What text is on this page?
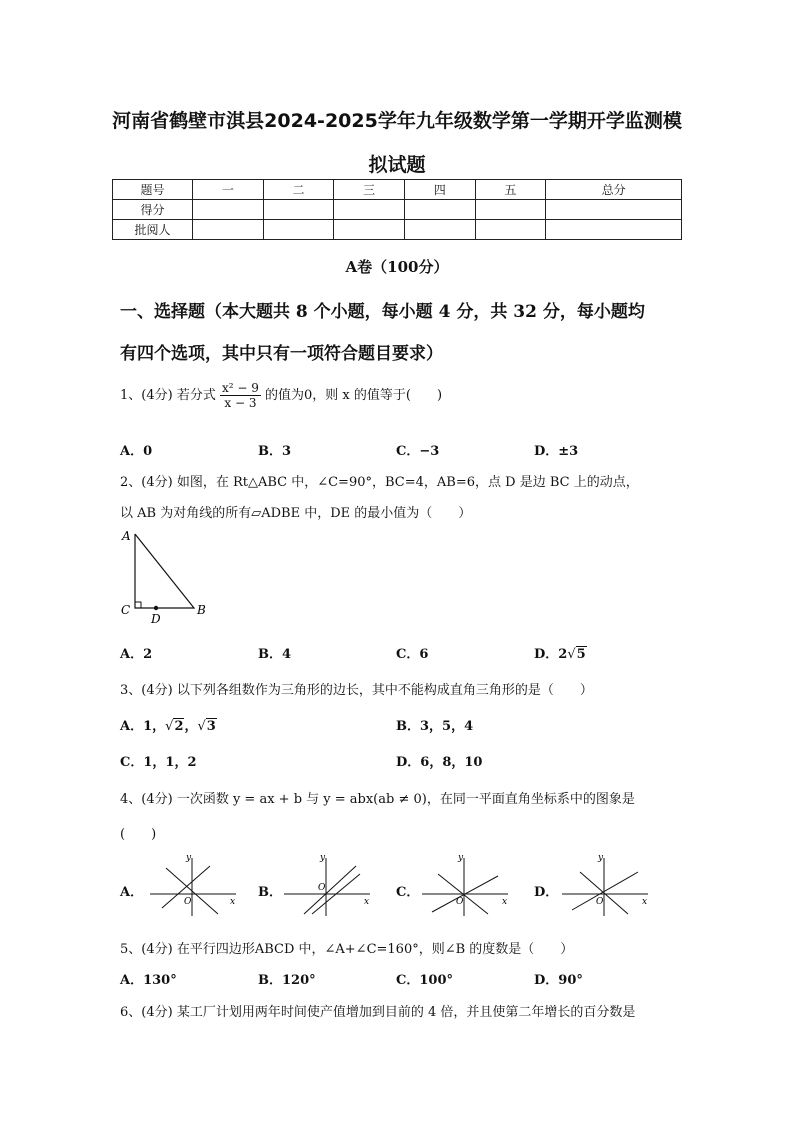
河南省鹤壁市淇县2024-2025学年九年级数学第一学期开学监测模
拟试题
题号	一	二	三	四	五	总分
得分						
批阅人						
A卷（100分）
一、选择题（本大题共 8 个小题，每小题 4 分，共 32 分，每小题均
有四个选项，其中只有一项符合题目要求）
1、(4分) 若分式 $\frac{\text{x² − 9}}{x - 3}$ 的值为0，则 x 的值等于(　　)
A．0	B．3	C．−3	D．±3
2、(4分) 如图，在 Rt△ABC 中，∠C=90°，BC=4，AB=6，点 D 是边 BC 上的动点，
以 AB 为对角线的所有▱ADBE 中，DE 的最小值为（　　）
A
B
C
D
A．2	B．4	C．6	D．2√5
3、(4分) 以下列各组数作为三角形的边长，其中不能构成直角三角形的是（　　）
A．1，√2，√3	B．3，5，4
C．1，1，2	D．6，8，10
4、(4分) 一次函数 y = ax + b 与 y = abx(ab ≠ 0)，在同一平面直角坐标系中的图象是
(　　)
A．
y
x
O
B．
y
x
O	C．
y
x
O
D．
y
x
O
5、(4分) 在平行四边形ABCD 中，∠A+∠C=160°，则∠B 的度数是（　　）
A．130°	B．120°	C．100°	D．90°
6、(4分) 某工厂计划用两年时间使产值增加到目前的 4 倍，并且使第二年增长的百分数是
